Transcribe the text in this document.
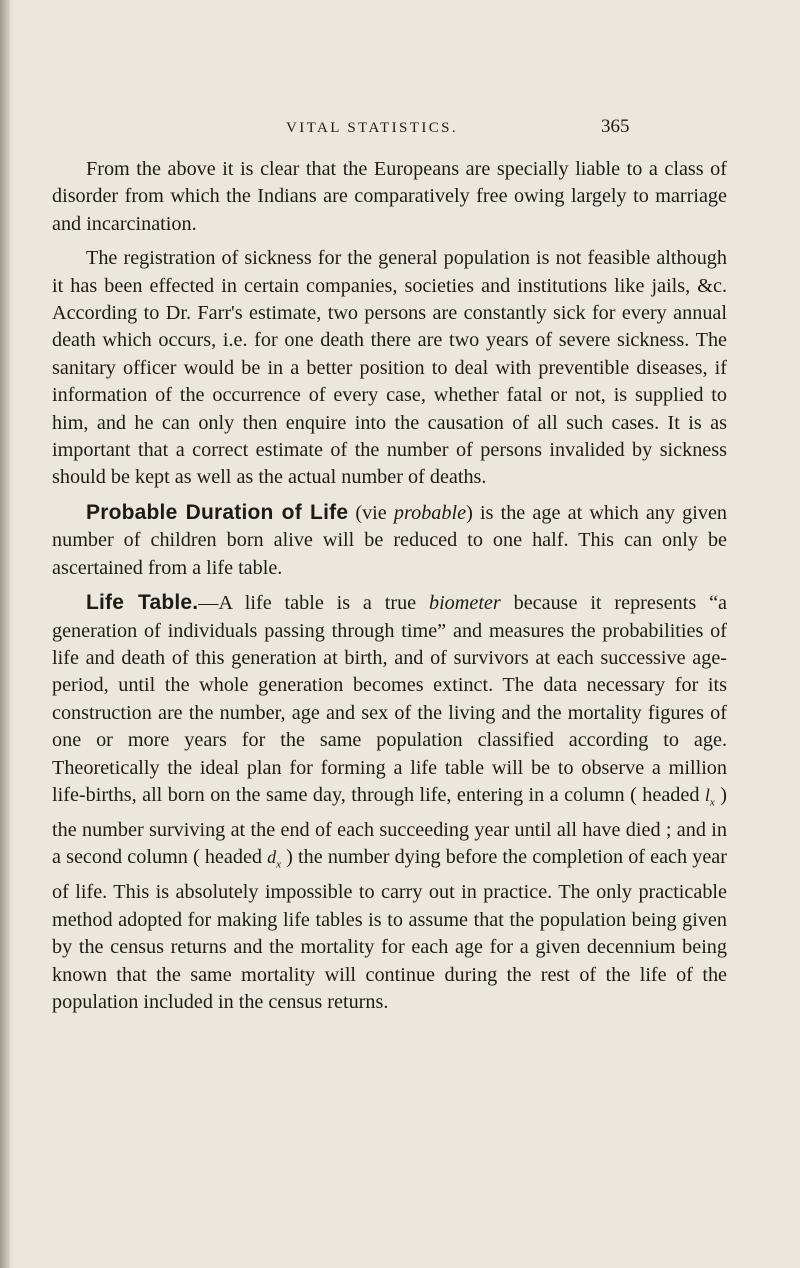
VITAL STATISTICS.	365

From the above it is clear that the Europeans are specially liable to a class of disorder from which the Indians are comparatively free owing largely to marriage and incarcination.

The registration of sickness for the general population is not feasible although it has been effected in certain companies, societies and institutions like jails, &c. According to Dr. Farr's estimate, two persons are constantly sick for every annual death which occurs, i.e. for one death there are two years of severe sickness. The sanitary officer would be in a better position to deal with preventible diseases, if information of the occurrence of every case, whether fatal or not, is supplied to him, and he can only then enquire into the causation of all such cases. It is as important that a correct estimate of the number of persons invalided by sickness should be kept as well as the actual number of deaths.

Probable Duration of Life (vie probable) is the age at which any given number of children born alive will be reduced to one half. This can only be ascertained from a life table.

Life Table.—A life table is a true biometer because it represents “a generation of individuals passing through time” and measures the probabilities of life and death of this generation at birth, and of survivors at each successive age-period, until the whole generation becomes extinct. The data necessary for its construction are the number, age and sex of the living and the mortality figures of one or more years for the same population classified according to age. Theoretically the ideal plan for forming a life table will be to observe a million life-births, all born on the same day, through life, entering in a column ( headed $l_x$ ) the number surviving at the end of each succeeding year until all have died ; and in a second column ( headed $d_x$ ) the number dying before the completion of each year of life. This is absolutely impossible to carry out in practice. The only practicable method adopted for making life tables is to assume that the population being given by the census returns and the mortality for each age for a given decennium being known that the same mortality will continue during the rest of the life of the population included in the census returns.
